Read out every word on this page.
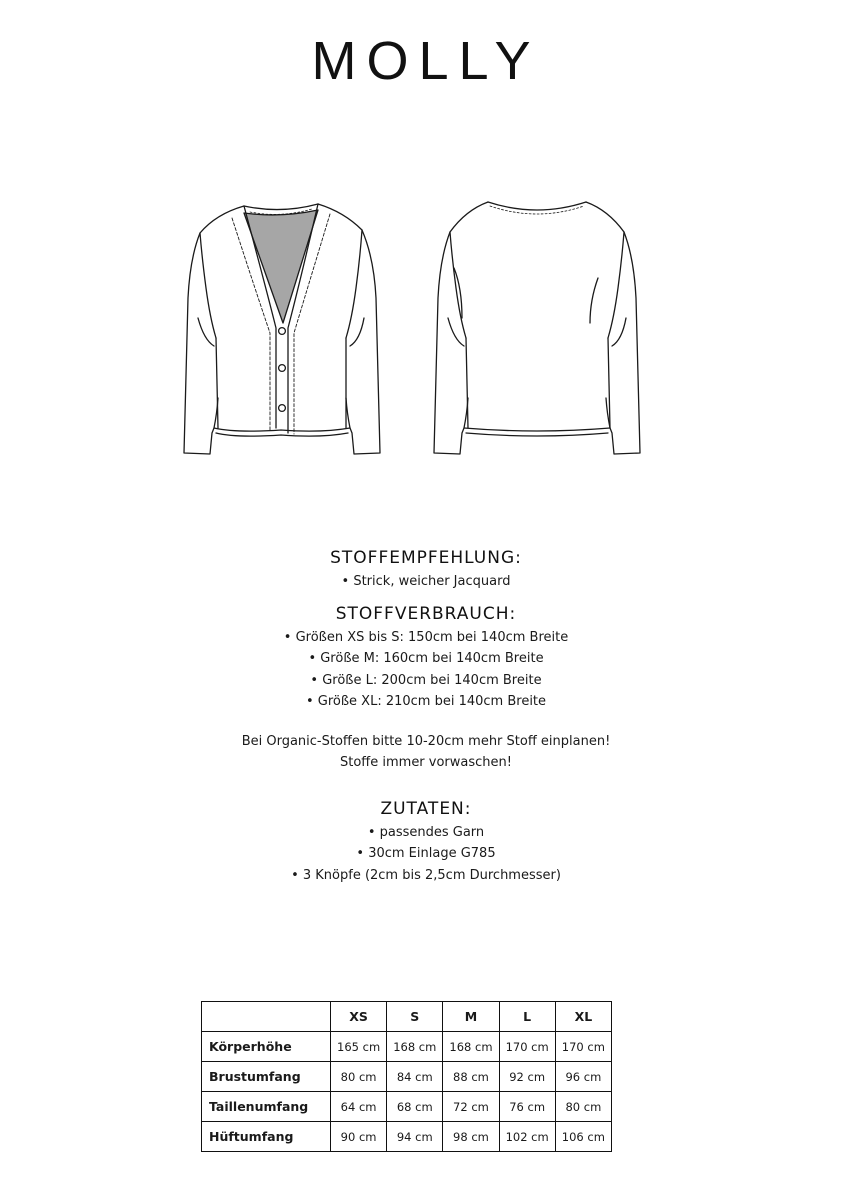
MOLLY

STOFFEMPFEHLUNG:

• Strick, weicher Jacquard

STOFFVERBRAUCH:

• Größen XS bis S: 150cm bei 140cm Breite

• Größe M: 160cm bei 140cm Breite

• Größe L: 200cm bei 140cm Breite

• Größe XL: 210cm bei 140cm Breite

Bei Organic-Stoffen bitte 10-20cm mehr Stoff einplanen!

Stoffe immer vorwaschen!

ZUTATEN:

• passendes Garn

• 30cm Einlage G785

• 3 Knöpfe (2cm bis 2,5cm Durchmesser)

	XS	S	M	L	XL
Körperhöhe	165 cm	168 cm	168 cm	170 cm	170 cm
Brustumfang	80 cm	84 cm	88 cm	92 cm	96 cm
Taillenumfang	64 cm	68 cm	72 cm	76 cm	80 cm
Hüftumfang	90 cm	94 cm	98 cm	102 cm	106 cm
